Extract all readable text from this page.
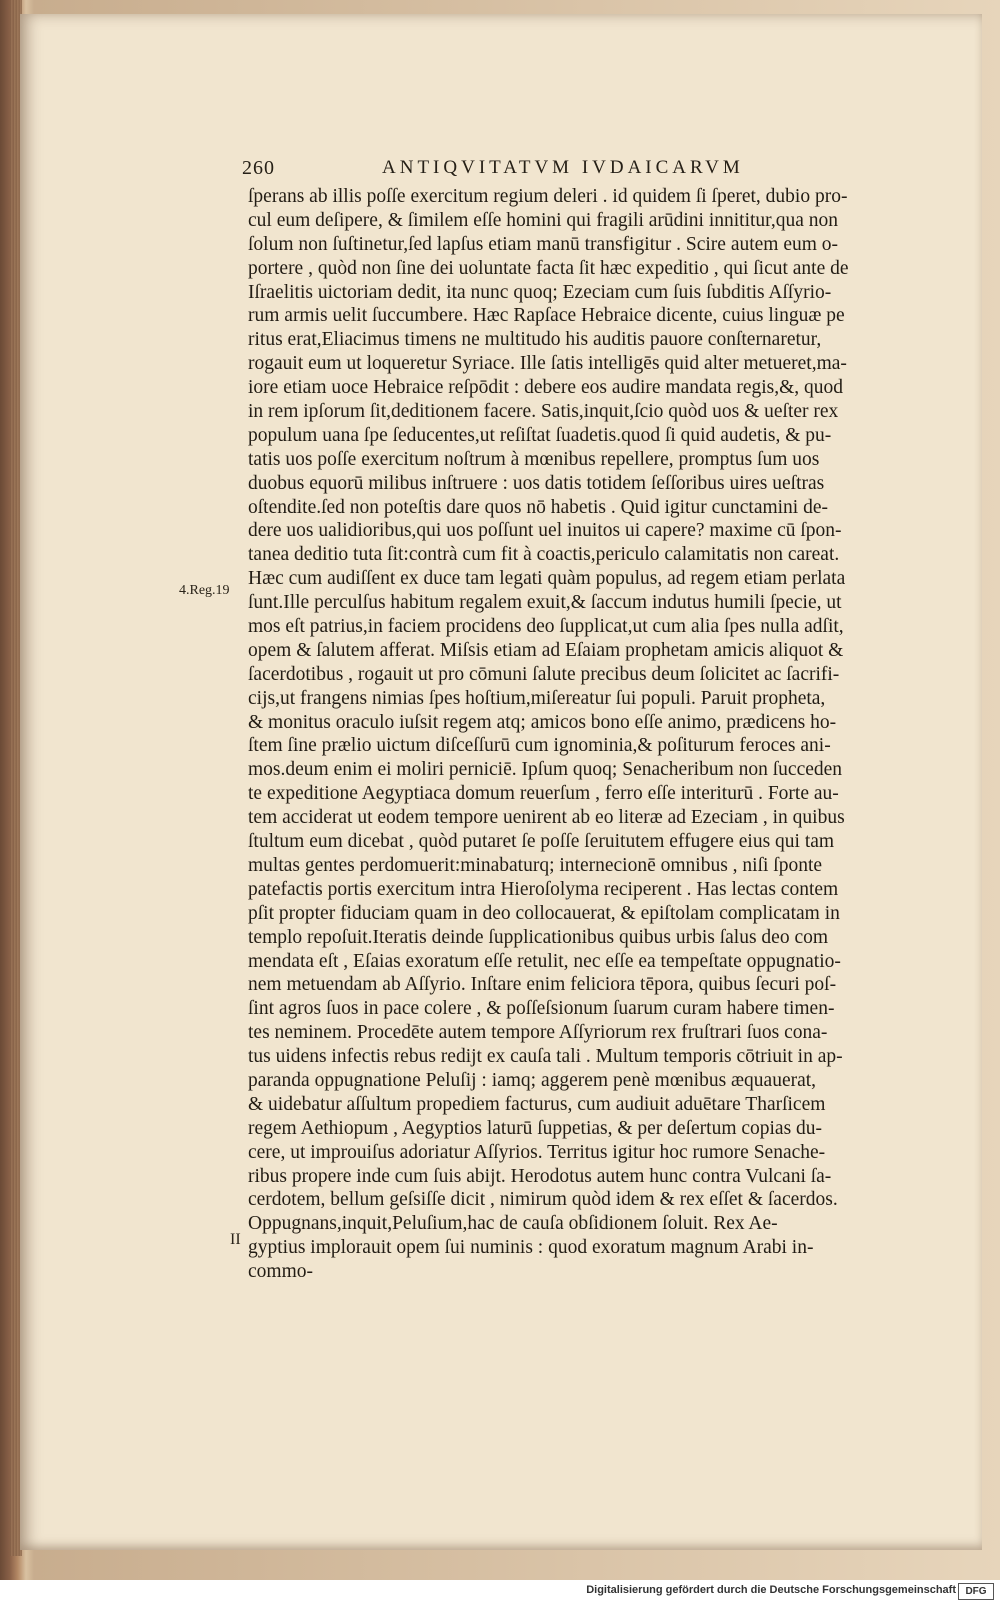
260	ANTIQVITATVM IVDAICARVM
4.Reg.19
II
ſperans ab illis poſſe exercitum regium deleri . id quidem ſi ſperet, dubio pro-
cul eum deſipere, & ſimilem eſſe homini qui fragili arūdini innititur,qua non
ſolum non ſuſtinetur,ſed lapſus etiam manū transfigitur . Scire autem eum o-
portere , quòd non ſine dei uoluntate facta ſit hæc expeditio , qui ſicut ante de
Iſraelitis uictoriam dedit, ita nunc quoq; Ezeciam cum ſuis ſubditis Aſſyrio-
rum armis uelit ſuccumbere. Hæc Rapſace Hebraice dicente, cuius linguæ pe
ritus erat,Eliacimus timens ne multitudo his auditis pauore conſternaretur,
rogauit eum ut loqueretur Syriace. Ille ſatis intelligēs quid alter metueret,ma-
iore etiam uoce Hebraice reſpōdit : debere eos audire mandata regis,&, quod
in rem ipſorum ſit,deditionem facere. Satis,inquit,ſcio quòd uos & ueſter rex
populum uana ſpe ſeducentes,ut reſiſtat ſuadetis.quod ſi quid audetis, & pu-
tatis uos poſſe exercitum noſtrum à mœnibus repellere, promptus ſum uos
duobus equorū milibus inſtruere : uos datis totidem ſeſſoribus uires ueſtras
oſtendite.ſed non poteſtis dare quos nō habetis . Quid igitur cunctamini de-
dere uos ualidioribus,qui uos poſſunt uel inuitos ui capere? maxime cū ſpon-
tanea deditio tuta ſit:contrà cum fit à coactis,periculo calamitatis non careat.
Hæc cum audiſſent ex duce tam legati quàm populus, ad regem etiam perlata
ſunt.Ille perculſus habitum regalem exuit,& ſaccum indutus humili ſpecie, ut
mos eſt patrius,in faciem procidens deo ſupplicat,ut cum alia ſpes nulla adſit,
opem & ſalutem afferat. Miſsis etiam ad Eſaiam prophetam amicis aliquot &
ſacerdotibus , rogauit ut pro cōmuni ſalute precibus deum ſolicitet ac ſacrifi-
cijs,ut frangens nimias ſpes hoſtium,miſereatur ſui populi. Paruit propheta,
& monitus oraculo iuſsit regem atq; amicos bono eſſe animo, prædicens ho-
ſtem ſine prælio uictum diſceſſurū cum ignominia,& poſiturum feroces ani-
mos.deum enim ei moliri perniciē. Ipſum quoq; Senacheribum non ſucceden
te expeditione Aegyptiaca domum reuerſum , ferro eſſe interiturū . Forte au-
tem acciderat ut eodem tempore uenirent ab eo literæ ad Ezeciam , in quibus
ſtultum eum dicebat , quòd putaret ſe poſſe ſeruitutem effugere eius qui tam
multas gentes perdomuerit:minabaturq; internecionē omnibus , niſi ſponte
patefactis portis exercitum intra Hieroſolyma reciperent . Has lectas contem
pſit propter fiduciam quam in deo collocauerat, & epiſtolam complicatam in
templo repoſuit.Iteratis deinde ſupplicationibus quibus urbis ſalus deo com
mendata eſt , Eſaias exoratum eſſe retulit, nec eſſe ea tempeſtate oppugnatio-
nem metuendam ab Aſſyrio. Inſtare enim feliciora tēpora, quibus ſecuri poſ-
ſint agros ſuos in pace colere , & poſſeſsionum ſuarum curam habere timen-
tes neminem. Procedēte autem tempore Aſſyriorum rex fruſtrari ſuos cona-
tus uidens infectis rebus redijt ex cauſa tali . Multum temporis cōtriuit in ap-
paranda oppugnatione Peluſij : iamq; aggerem penè mœnibus æquauerat,
& uidebatur aſſultum propediem facturus, cum audiuit aduētare Tharſicem
regem Aethiopum , Aegyptios laturū ſuppetias, & per deſertum copias du-
cere, ut improuiſus adoriatur Aſſyrios. Territus igitur hoc rumore Senache-
ribus propere inde cum ſuis abijt. Herodotus autem hunc contra Vulcani ſa-
cerdotem, bellum geſsiſſe dicit , nimirum quòd idem & rex eſſet & ſacerdos.
Oppugnans,inquit,Peluſium,hac de cauſa obſidionem ſoluit. Rex Ae-
gyptius implorauit opem ſui numinis : quod exoratum magnum Arabi in-
commo-
Digitalisierung gefördert durch die Deutsche Forschungsgemeinschaft DFG
